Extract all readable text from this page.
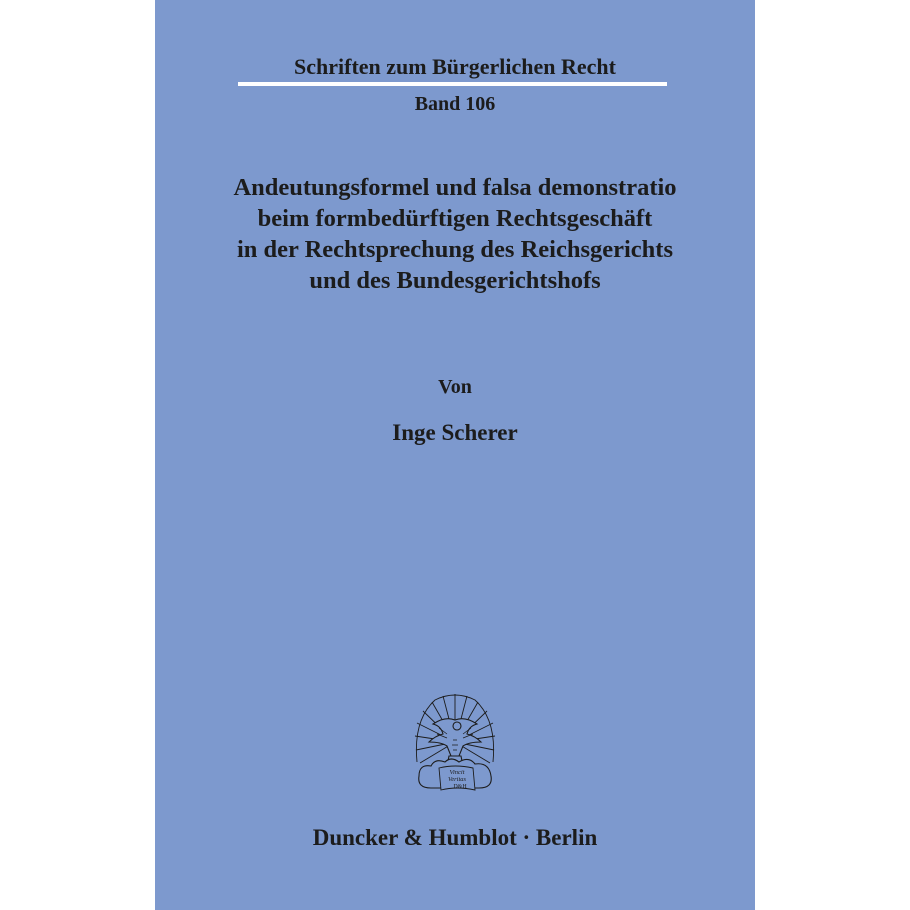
Schriften zum Bürgerlichen Recht
Band 106
Andeutungsformel und falsa demonstratio
beim formbedürftigen Rechtsgeschäft
in der Rechtsprechung des Reichsgerichts
und des Bundesgerichtshofs
Von
Inge Scherer
Vincit
Veritas
D&H
Duncker & Humblot · Berlin
